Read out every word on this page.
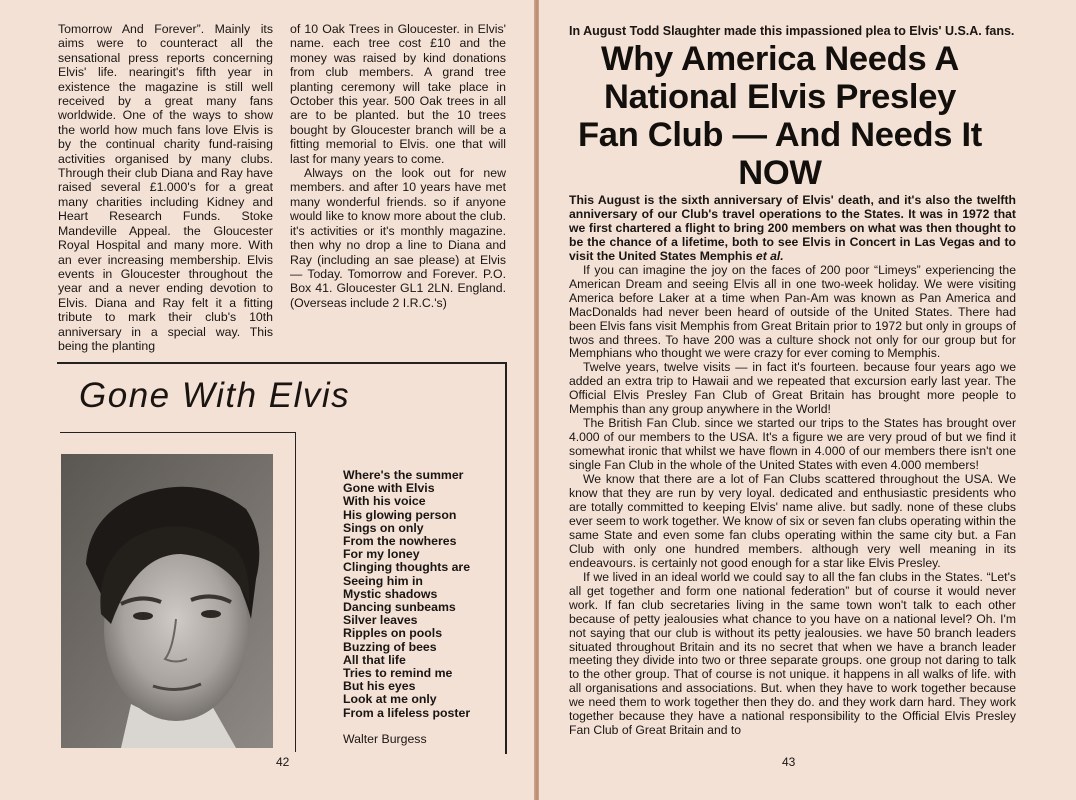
Tomorrow And Forever”. Mainly its aims were to counteract all the sensational press reports concerning Elvis' life. nearingit's fifth year in existence the magazine is still well received by a great many fans worldwide. One of the ways to show the world how much fans love Elvis is by the continual charity fund-raising activities organised by many clubs. Through their club Diana and Ray have raised several £1.000's for a great many charities including Kidney and Heart Research Funds. Stoke Mandeville Appeal. the Gloucester Royal Hospital and many more. With an ever increasing membership. Elvis events in Gloucester throughout the year and a never ending devotion to Elvis. Diana and Ray felt it a fitting tribute to mark their club's 10th anniversary in a special way. This being the planting

of 10 Oak Trees in Gloucester. in Elvis' name. each tree cost £10 and the money was raised by kind donations from club members. A grand tree planting ceremony will take place in October this year. 500 Oak trees in all are to be planted. but the 10 trees bought by Gloucester branch will be a fitting memorial to Elvis. one that will last for many years to come.

Always on the look out for new members. and after 10 years have met many wonderful friends. so if anyone would like to know more about the club. it's activities or it's monthly magazine. then why no drop a line to Diana and Ray (including an sae please) at Elvis — Today. Tomorrow and Forever. P.O. Box 41. Gloucester GL1 2LN. England. (Overseas include 2 I.R.C.'s)

Gone With Elvis
Where's the summer
Gone with Elvis
With his voice
His glowing person
Sings on only
From the nowheres
For my loney
Clinging thoughts are
Seeing him in
Mystic shadows
Dancing sunbeams
Silver leaves
Ripples on pools
Buzzing of bees
All that life
Tries to remind me
But his eyes
Look at me only
From a lifeless poster
Walter Burgess
42
In August Todd Slaughter made this impassioned plea to Elvis' U.S.A. fans.
Why America Needs A
National Elvis Presley
Fan Club — And Needs It
NOW

This August is the sixth anniversary of Elvis' death, and it's also the twelfth anniversary of our Club's travel operations to the States. It was in 1972 that we first chartered a flight to bring 200 members on what was then thought to be the chance of a lifetime, both to see Elvis in Concert in Las Vegas and to visit the United States Memphis et al.

If you can imagine the joy on the faces of 200 poor “Limeys” experiencing the American Dream and seeing Elvis all in one two-week holiday. We were visiting America before Laker at a time when Pan-Am was known as Pan America and MacDonalds had never been heard of outside of the United States. There had been Elvis fans visit Memphis from Great Britain prior to 1972 but only in groups of twos and threes. To have 200 was a culture shock not only for our group but for Memphians who thought we were crazy for ever coming to Memphis.

Twelve years, twelve visits — in fact it's fourteen. because four years ago we added an extra trip to Hawaii and we repeated that excursion early last year. The Official Elvis Presley Fan Club of Great Britain has brought more people to Memphis than any group anywhere in the World!

The British Fan Club. since we started our trips to the States has brought over 4.000 of our members to the USA. It's a figure we are very proud of but we find it somewhat ironic that whilst we have flown in 4.000 of our members there isn't one single Fan Club in the whole of the United States with even 4.000 members!

We know that there are a lot of Fan Clubs scattered throughout the USA. We know that they are run by very loyal. dedicated and enthusiastic presidents who are totally committed to keeping Elvis' name alive. but sadly. none of these clubs ever seem to work together. We know of six or seven fan clubs operating within the same State and even some fan clubs operating within the same city but. a Fan Club with only one hundred members. although very well meaning in its endeavours. is certainly not good enough for a star like Elvis Presley.

If we lived in an ideal world we could say to all the fan clubs in the States. “Let's all get together and form one national federation” but of course it would never work. If fan club secretaries living in the same town won't talk to each other because of petty jealousies what chance to you have on a national level? Oh. I'm not saying that our club is without its petty jealousies. we have 50 branch leaders situated throughout Britain and its no secret that when we have a branch leader meeting they divide into two or three separate groups. one group not daring to talk to the other group. That of course is not unique. it happens in all walks of life. with all organisations and associations. But. when they have to work together because we need them to work together then they do. and they work darn hard. They work together because they have a national responsibility to the Official Elvis Presley Fan Club of Great Britain and to

43
